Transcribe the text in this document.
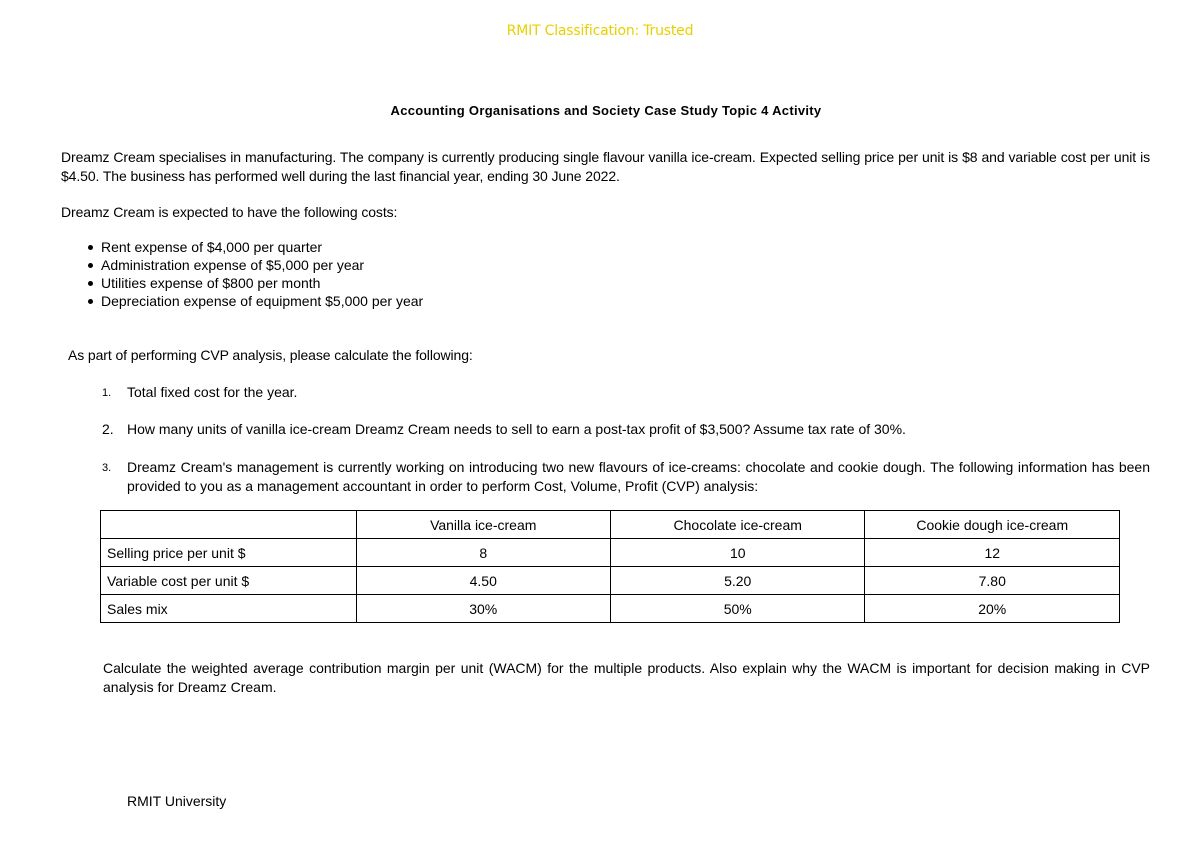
RMIT Classification: Trusted
Accounting Organisations and Society Case Study Topic 4 Activity
Dreamz Cream specialises in manufacturing. The company is currently producing single flavour vanilla ice-cream. Expected selling price per unit is $8 and variable cost per unit is $4.50. The business has performed well during the last financial year, ending 30 June 2022.
Dreamz Cream is expected to have the following costs:
Rent expense of $4,000 per quarter
Administration expense of $5,000 per year
Utilities expense of $800 per month
Depreciation expense of equipment $5,000 per year
As part of performing CVP analysis, please calculate the following:
1. Total fixed cost for the year.
2. How many units of vanilla ice-cream Dreamz Cream needs to sell to earn a post-tax profit of $3,500? Assume tax rate of 30%.
3. Dreamz Cream's management is currently working on introducing two new flavours of ice-creams: chocolate and cookie dough. The following information has been provided to you as a management accountant in order to perform Cost, Volume, Profit (CVP) analysis:
	Vanilla ice-cream	Chocolate ice-cream	Cookie dough ice-cream
Selling price per unit $	8	10	12
Variable cost per unit $	4.50	5.20	7.80
Sales mix	30%	50%	20%
Calculate the weighted average contribution margin per unit (WACM) for the multiple products. Also explain why the WACM is important for decision making in CVP analysis for Dreamz Cream.
RMIT University
